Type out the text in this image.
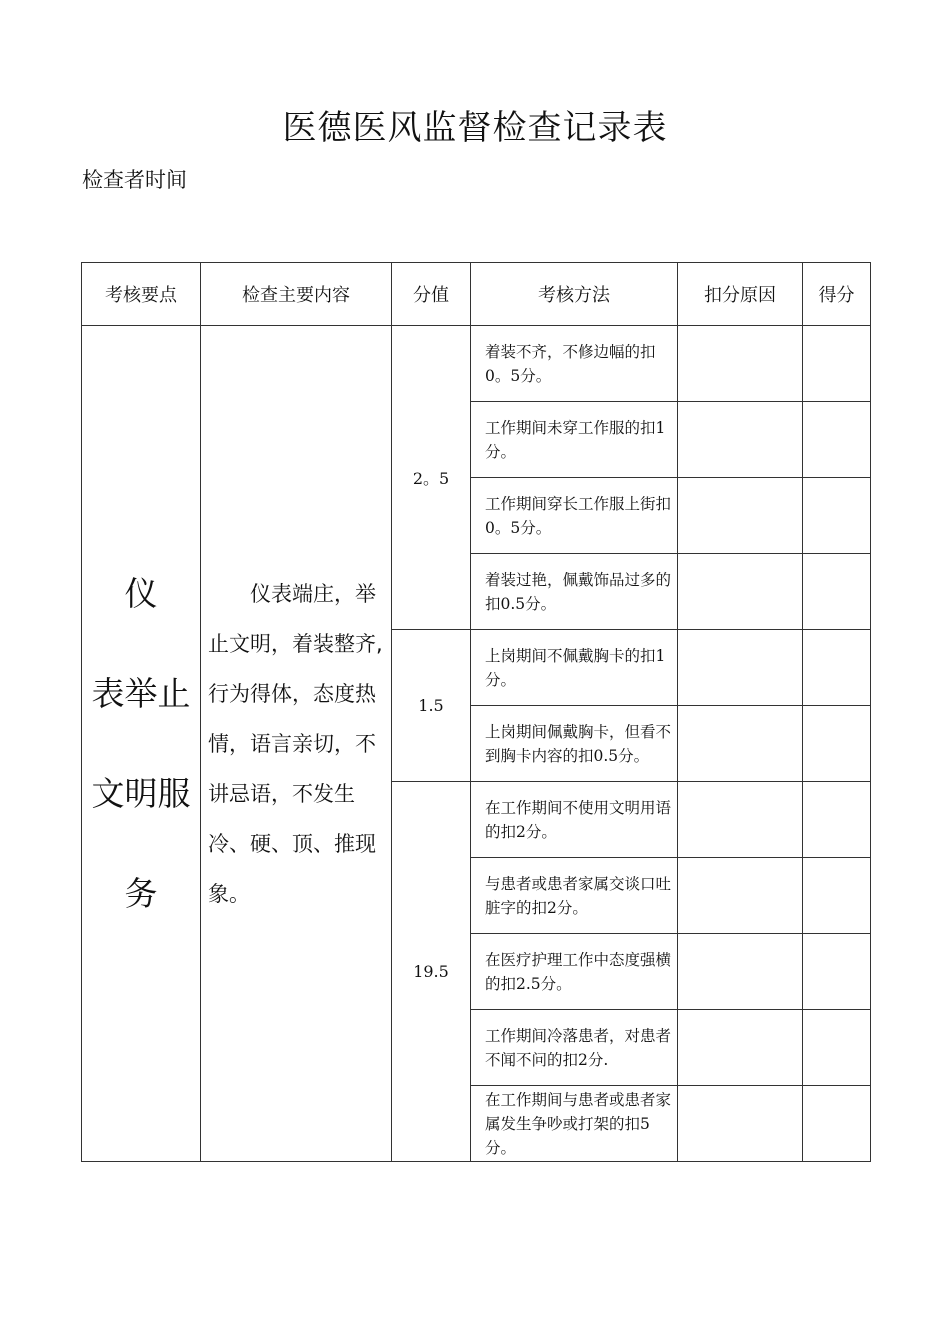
医德医风监督检查记录表
检查者时间
考核要点	检查主要内容	分值	考核方法	扣分原因	得分

仪
表举止
文明服
务	仪表端庄，举止文明，着装整齐,行为得体，态度热情，语言亲切，不讲忌语，不发生冷、硬、顶、推现象。	2。5	着装不齐，不修边幅的扣0。5分。		
			工作期间未穿工作服的扣1分。		
			工作期间穿长工作服上街扣0。5分。		
			着装过艳，佩戴饰品过多的扣0.5分。		
		1.5	上岗期间不佩戴胸卡的扣1分。		
			上岗期间佩戴胸卡，但看不到胸卡内容的扣0.5分。		
		19.5	在工作期间不使用文明用语的扣2分。		
			与患者或患者家属交谈口吐脏字的扣2分。		
			在医疗护理工作中态度强横的扣2.5分。		
			工作期间冷落患者，对患者不闻不问的扣2分.		
			在工作期间与患者或患者家属发生争吵或打架的扣5分。		
